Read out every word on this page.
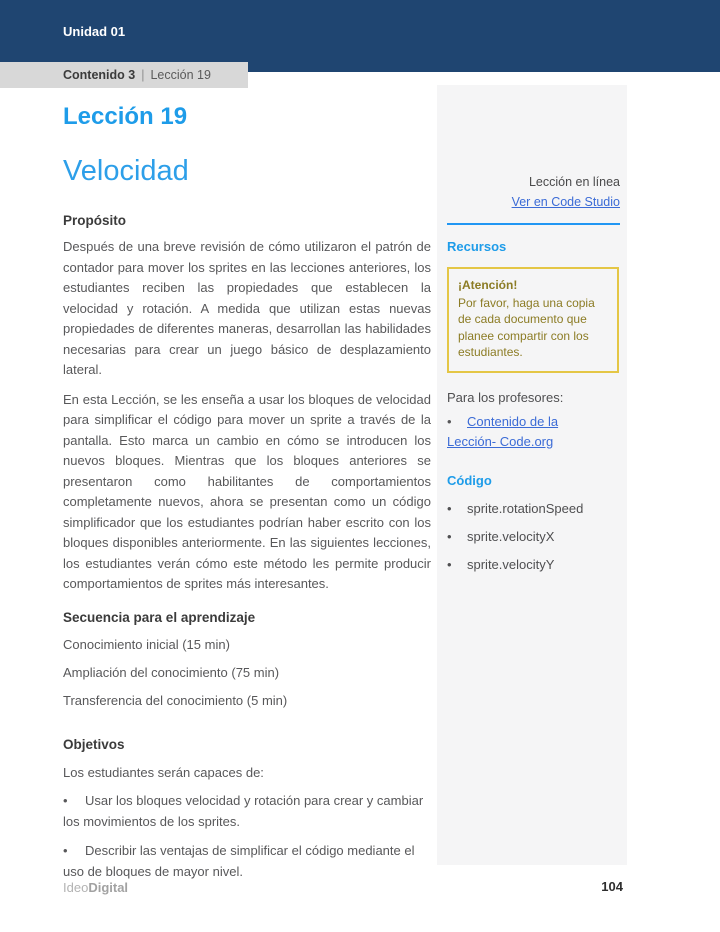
Unidad 01
Contenido 3 | Lección 19
Lección 19
Velocidad
Propósito
Después de una breve revisión de cómo utilizaron el patrón de contador para mover los sprites en las lecciones anteriores, los estudiantes reciben las propiedades que establecen la velocidad y rotación. A medida que utilizan estas nuevas propiedades de diferentes maneras, desarrollan las habilidades necesarias para crear un juego básico de desplazamiento lateral.
En esta Lección, se les enseña a usar los bloques de velocidad para simplificar el código para mover un sprite a través de la pantalla. Esto marca un cambio en cómo se introducen los nuevos bloques. Mientras que los bloques anteriores se presentaron como habilitantes de comportamientos completamente nuevos, ahora se presentan como un código simplificador que los estudiantes podrían haber escrito con los bloques disponibles anteriormente. En las siguientes lecciones, los estudiantes verán cómo este método les permite producir comportamientos de sprites más interesantes.
Secuencia para el aprendizaje
Conocimiento inicial (15 min)
Ampliación del conocimiento (75 min)
Transferencia del conocimiento (5 min)
Objetivos
Los estudiantes serán capaces de:
• Usar los bloques velocidad y rotación para crear y cambiar los movimientos de los sprites.
• Describir las ventajas de simplificar el código mediante el uso de bloques de mayor nivel.
Lección en línea
Ver en Code Studio
Recursos
¡Atención!
Por favor, haga una copia de cada documento que planee compartir con los estudiantes.
Para los profesores:
• Contenido de la Lección- Code.org
Código
• sprite.rotationSpeed
• sprite.velocityX
• sprite.velocityY
IdeoDigital	104
